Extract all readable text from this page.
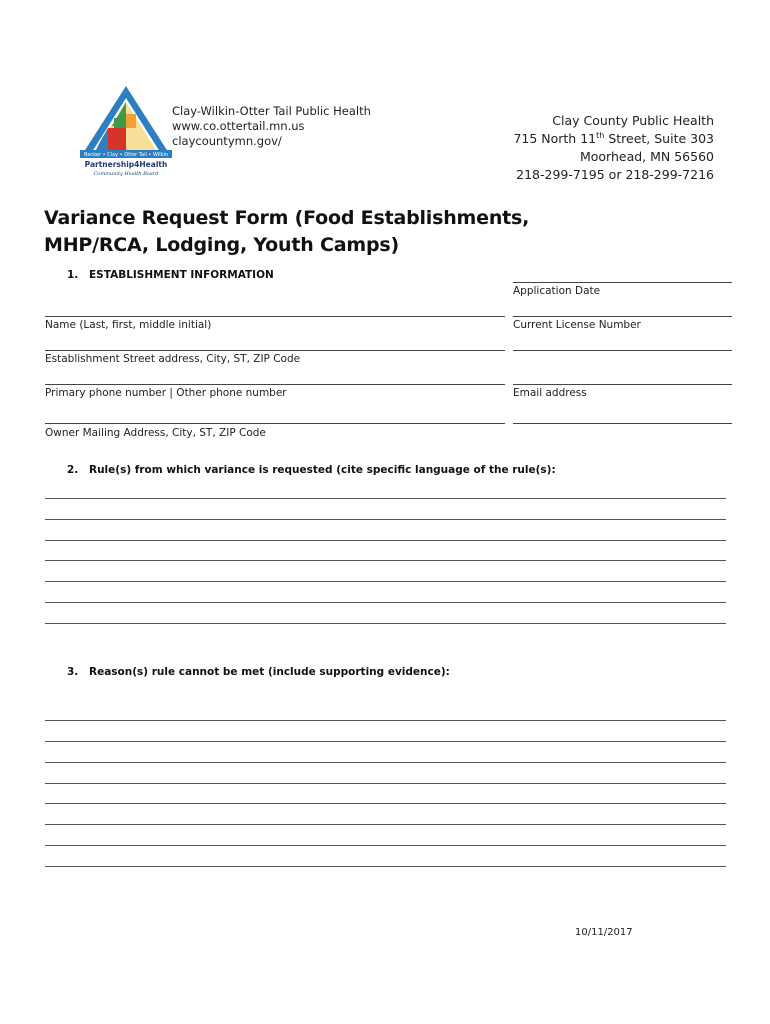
Becker • Clay • Otter Tail • Wilkin
Partnership4Health
Community Health Board
Clay-Wilkin-Otter Tail Public Health
www.co.ottertail.mn.us
claycountymn.gov/
Clay County Public Health
715 North 11th Street, Suite 303
Moorhead, MN 56560
218-299-7195 or 218-299-7216
Variance Request Form (Food Establishments,
MHP/RCA, Lodging, Youth Camps)
1. ESTABLISHMENT INFORMATION
Application Date
Name (Last, first, middle initial)	Current License Number
Establishment Street address, City, ST, ZIP Code
Primary phone number | Other phone number	Email address
Owner Mailing Address, City, ST, ZIP Code
2. Rule(s) from which variance is requested (cite specific language of the rule(s):
3. Reason(s) rule cannot be met (include supporting evidence):
10/11/2017
